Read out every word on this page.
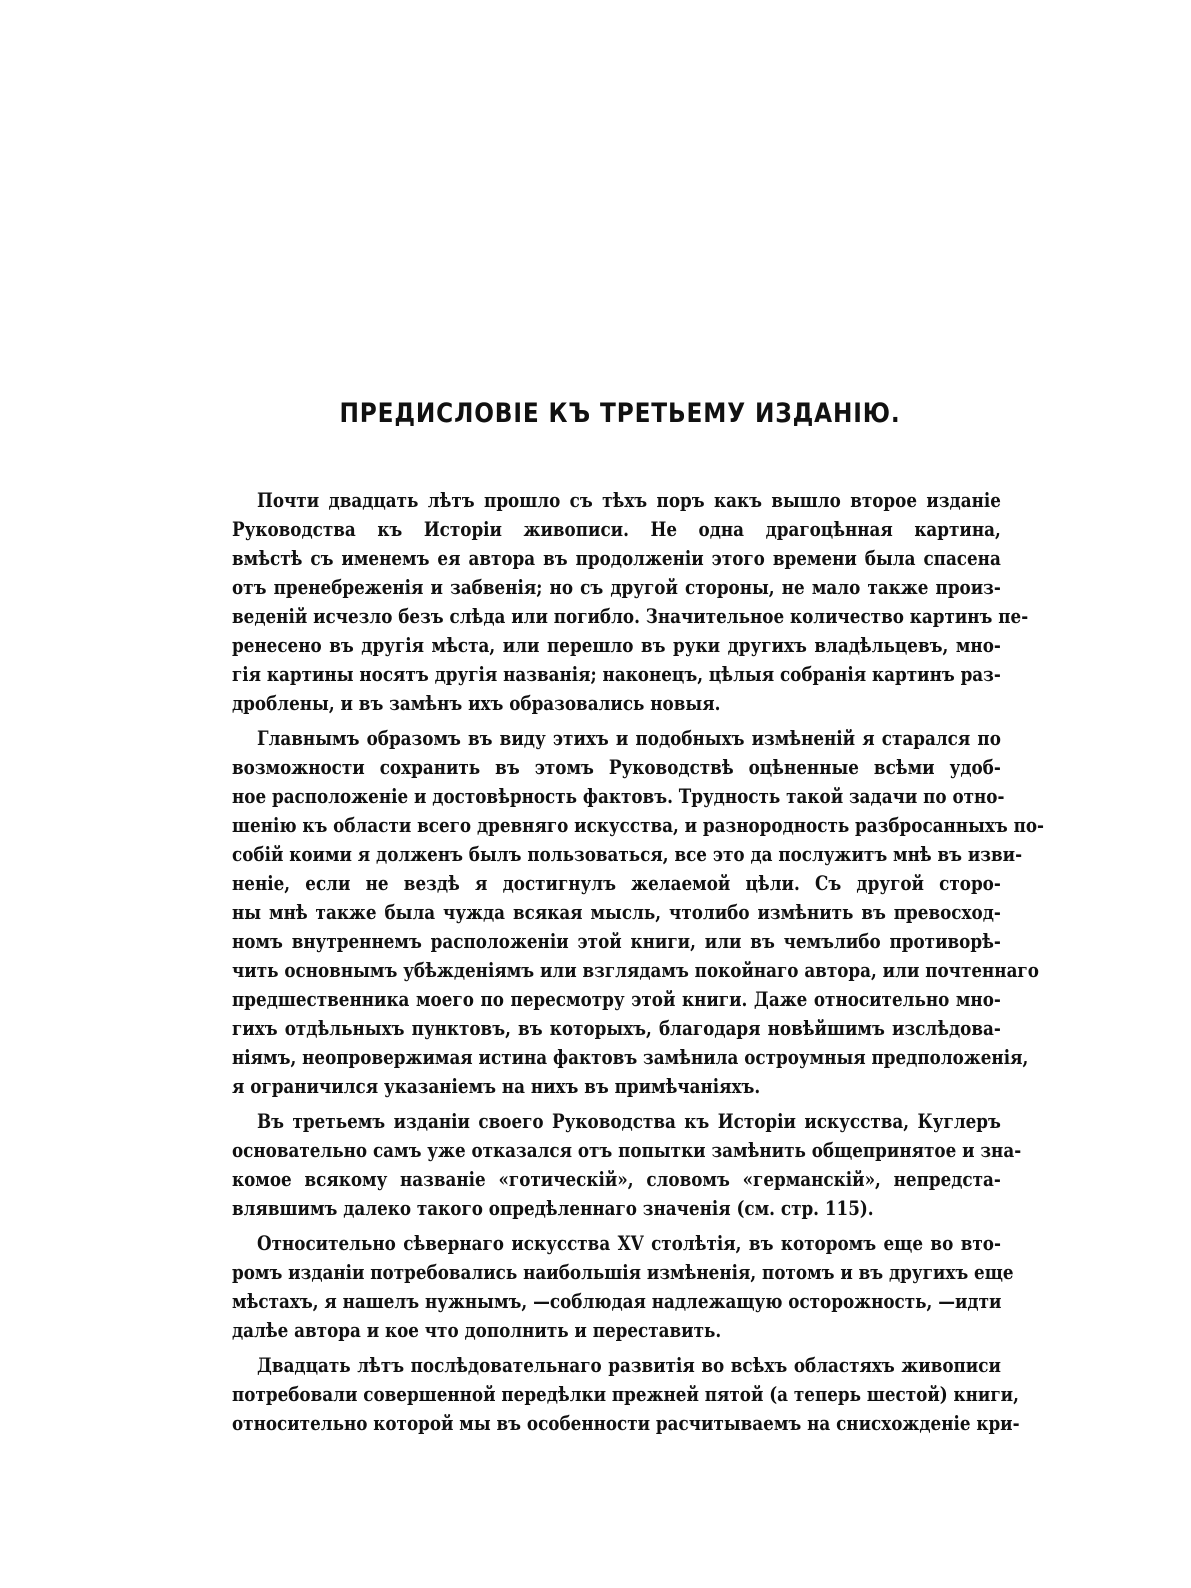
ПРЕДИСЛОВІЕ КЪ ТРЕТЬЕМУ ИЗДАНІЮ.
Почти двадцать лѣтъ прошло съ тѣхъ поръ какъ вышло второе изданіе
Руководства къ Исторіи живописи. Не одна драгоцѣнная картина,
вмѣстѣ съ именемъ ея автора въ продолженіи этого времени была спасена
отъ пренебреженія и забвенія; но съ другой стороны, не мало также произ-
веденій исчезло безъ слѣда или погибло. Значительное количество картинъ пе-
ренесено въ другія мѣста, или перешло въ руки другихъ владѣльцевъ, мно-
гія картины носятъ другія названія; наконецъ, цѣлыя собранія картинъ раз-
дроблены, и въ замѣнъ ихъ образовались новыя.
Главнымъ образомъ въ виду этихъ и подобныхъ измѣненій я старался по
возможности сохранить въ этомъ Руководствѣ оцѣненные всѣми удоб-
ное расположеніе и достовѣрность фактовъ. Трудность такой задачи по отно-
шенію къ области всего древняго искусства, и разнородность разбросанныхъ по-
собій коими я долженъ былъ пользоваться, все это да послужитъ мнѣ въ изви-
неніе, если не вездѣ я достигнулъ желаемой цѣли. Съ другой сторо-
ны мнѣ также была чужда всякая мысль, чтолибо измѣнить въ превосход-
номъ внутреннемъ расположеніи этой книги, или въ чемълибо противорѣ-
чить основнымъ убѣжденіямъ или взглядамъ покойнаго автора, или почтеннаго
предшественника моего по пересмотру этой книги. Даже относительно мно-
гихъ отдѣльныхъ пунктовъ, въ которыхъ, благодаря новѣйшимъ изслѣдова-
ніямъ, неопровержимая истина фактовъ замѣнила остроумныя предположенія,
я ограничился указаніемъ на нихъ въ примѣчаніяхъ.
Въ третьемъ изданіи своего Руководства къ Исторіи искусства, Куглеръ
основательно самъ уже отказался отъ попытки замѣнить общепринятое и зна-
комое всякому названіе «готическій», словомъ «германскій», непредста-
влявшимъ далеко такого опредѣленнаго значенія (см. стр. 115).
Относительно сѣвернаго искусства XV столѣтія, въ которомъ еще во вто-
ромъ изданіи потребовались наибольшія измѣненія, потомъ и въ другихъ еще
мѣстахъ, я нашелъ нужнымъ, —соблюдая надлежащую осторожность, —идти
далѣе автора и кое что дополнить и переставить.
Двадцать лѣтъ послѣдовательнаго развитія во всѣхъ областяхъ живописи
потребовали совершенной передѣлки прежней пятой (а теперь шестой) книги,
относительно которой мы въ особенности расчитываемъ на снисхожденіе кри-
